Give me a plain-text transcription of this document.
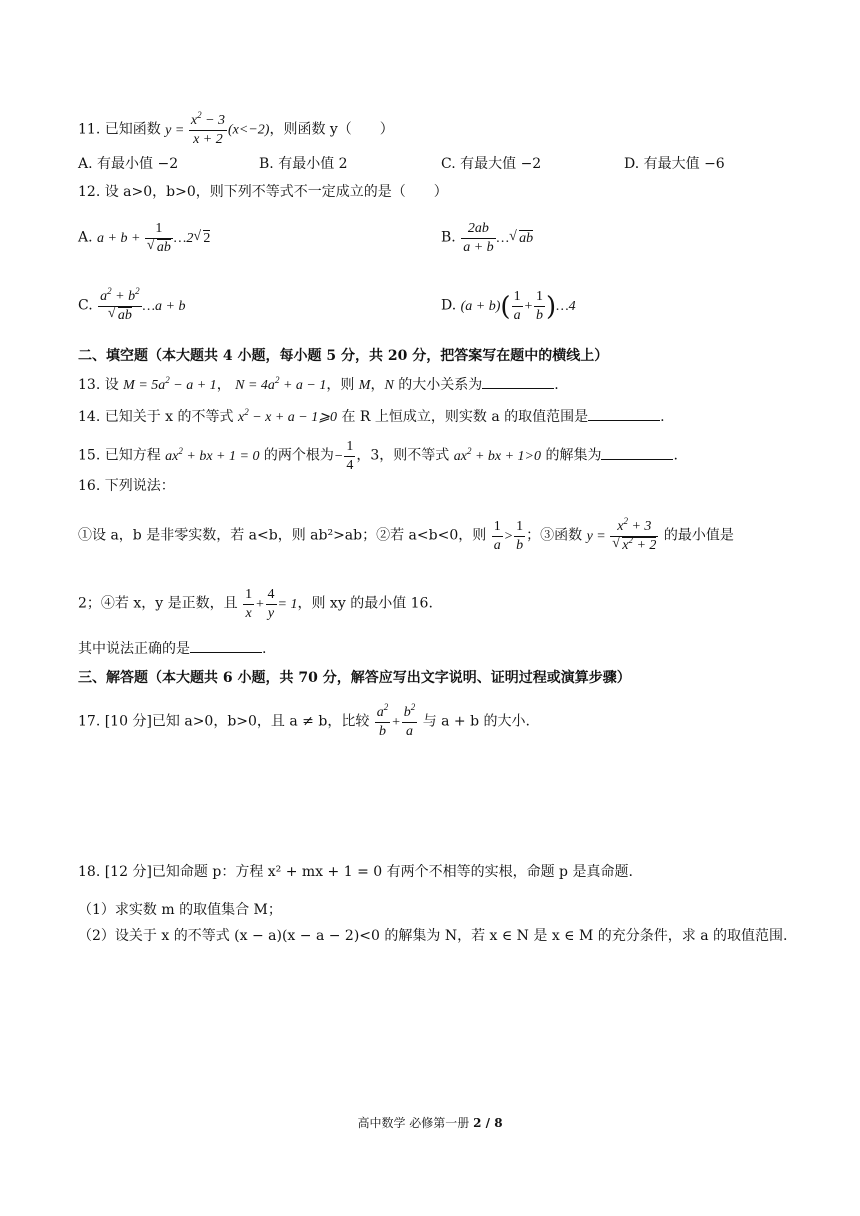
11. 已知函数 $y = \frac{x^2 - 3}{x + 2} (x<-2)$，则函数 y（　　）
A. 有最小值 −2	B. 有最小值 2	C. 有最大值 −2	D. 有最大值 −6
12. 设 a>0，b>0，则下列不等式不一定成立的是（　　）
A. a + b + 1
√ ab …2 √ 2	B. $\frac{2ab}{a + b}$ … √ ab
C. $a^2 + b^2$
√ ab …a + b	D. $(a + b)( \frac{1}{a} + \frac{1}{b}$ )…4
二、填空题（本大题共 4 小题，每小题 5 分，共 20 分，把答案写在题中的横线上）
13. 设 $M = 5a^2 - a + 1$， $N = 4a^2 + a - 1$，则 M，N 的大小关系为	.
14. 已知关于 x 的不等式 $x^2 - x + a$ − 1⩾0 在 R 上恒成立，则实数 a 的取值范围是	.
15. 已知方程 $ax^2$ + bx + 1 = 0 的两个根为− $\frac{1}{4}$ ，3，则不等式 $ax^2$ + bx + 1>0 的解集为	.
16. 下列说法：
①设 a，b 是非零实数，若 a<b，则 ab²>ab；②若 a<b<0，则 $\frac{1}{a} > \frac{1}{b}$ ；③函数 $y = x^2 + 3$
√ $x^2 + 2$ 的最小值是
2；④若 x，y 是正数，且 $\frac{1}{x} + \frac{4}{y} = 1$，则 xy 的最小值 16.
其中说法正确的是	.
三、解答题（本大题共 6 小题，共 70 分，解答应写出文字说明、证明过程或演算步骤）
17. [10 分]已知 a>0，b>0，且 a ≠ b，比较 $\frac{a^2}{b} + \frac{b^2}{a}$ 与 a + b 的大小.
18. [12 分]已知命题 p：方程 x² + mx + 1 = 0 有两个不相等的实根，命题 p 是真命题.
（1）求实数 m 的取值集合 M；
（2）设关于 x 的不等式 (x − a)(x − a − 2)<0 的解集为 N，若 x ∈ N 是 x ∈ M 的充分条件，求 a 的取值范围.
高中数学 必修第一册 2 / 8
